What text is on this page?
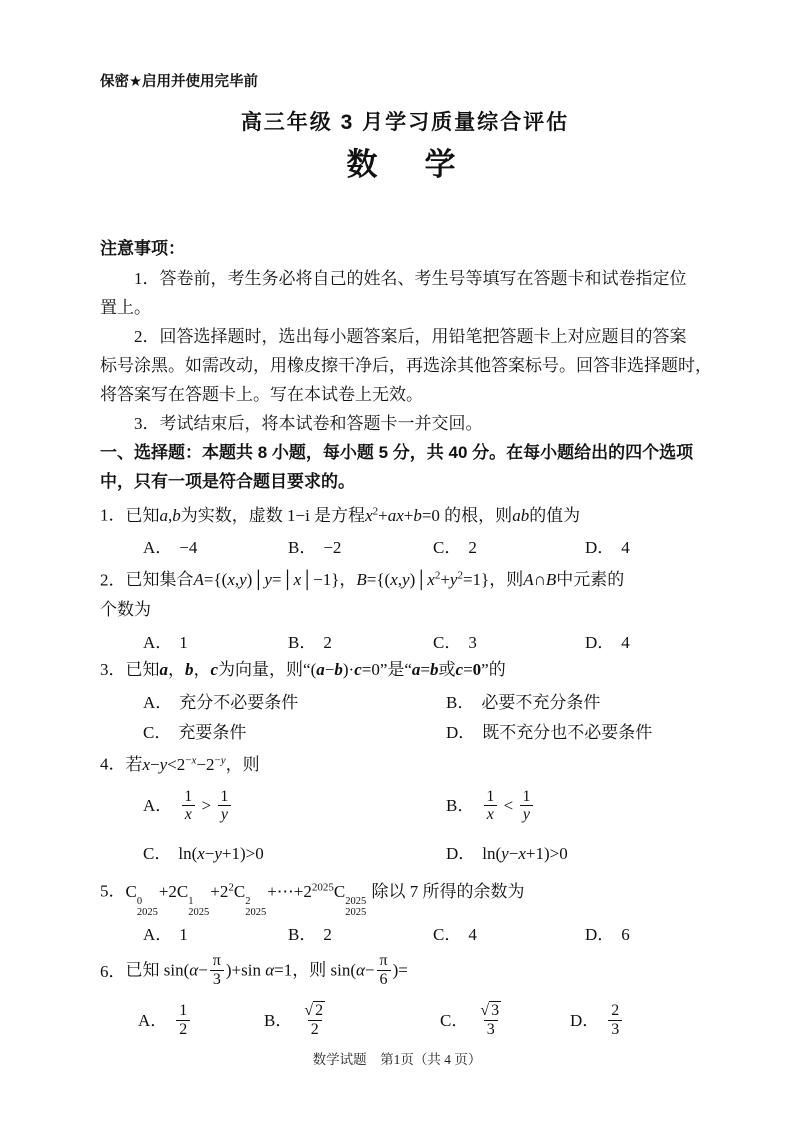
保密★启用并使用完毕前
高三年级 3 月学习质量综合评估
数　学
注意事项：
1．答卷前，考生务必将自己的姓名、考生号等填写在答题卡和试卷指定位
置上。
2．回答选择题时，选出每小题答案后，用铅笔把答题卡上对应题目的答案
标号涂黑。如需改动，用橡皮擦干净后，再选涂其他答案标号。回答非选择题时，
将答案写在答题卡上。写在本试卷上无效。
3．考试结束后，将本试卷和答题卡一并交回。
一、选择题：本题共 8 小题，每小题 5 分，共 40 分。在每小题给出的四个选项
中，只有一项是符合题目要求的。
1．已知a,b为实数，虚数 1−i 是方程$x^2+ax+b=0$ 的根，则ab的值为
A． −4	B． −2	C． 2	D． 4
2．已知集合A={(x,y)│y=│x│−1}，$B=\{(x,y)│x^2+y^2=1\}$，则A∩B中元素的
个数为
A． 1	B． 2	C． 3	D． 4
3．已知a，b，c为向量，则“(a−b)·c=0”是“a=b或c=0”的
A． 充分不必要条件	B． 必要不充分条件
C． 充要条件	D． 既不充分也不必要条件
4．若$x-y<2^{-x}-2^{-y}$，则
A． $\frac{1}{x} > \frac{1}{y}$	B． $\frac{1}{x} < \frac{1}{y}$
C． ln(x−y+1)>0	D． ln(y−x+1)>0
5．C
0
2025
+2C
1
2025
$+2^2C$
2
2025
$+\cdots+2^{2025}C$
2025
2025
除以 7 所得的余数为
A． 1	B． 2	C． 4	D． 6
6． 已知 $\sin(\alpha- \frac{\pi}{3} )+\sin$ α=1，则 $\sin(\alpha- \frac{\pi}{6}$ )=
A． $\frac{1}{2}$	B． $\frac{√ 2}{2}$	C． $\frac{√ 3}{3}$	D． $\frac{2}{3}$
数学试题　第1页（共 4 页）
